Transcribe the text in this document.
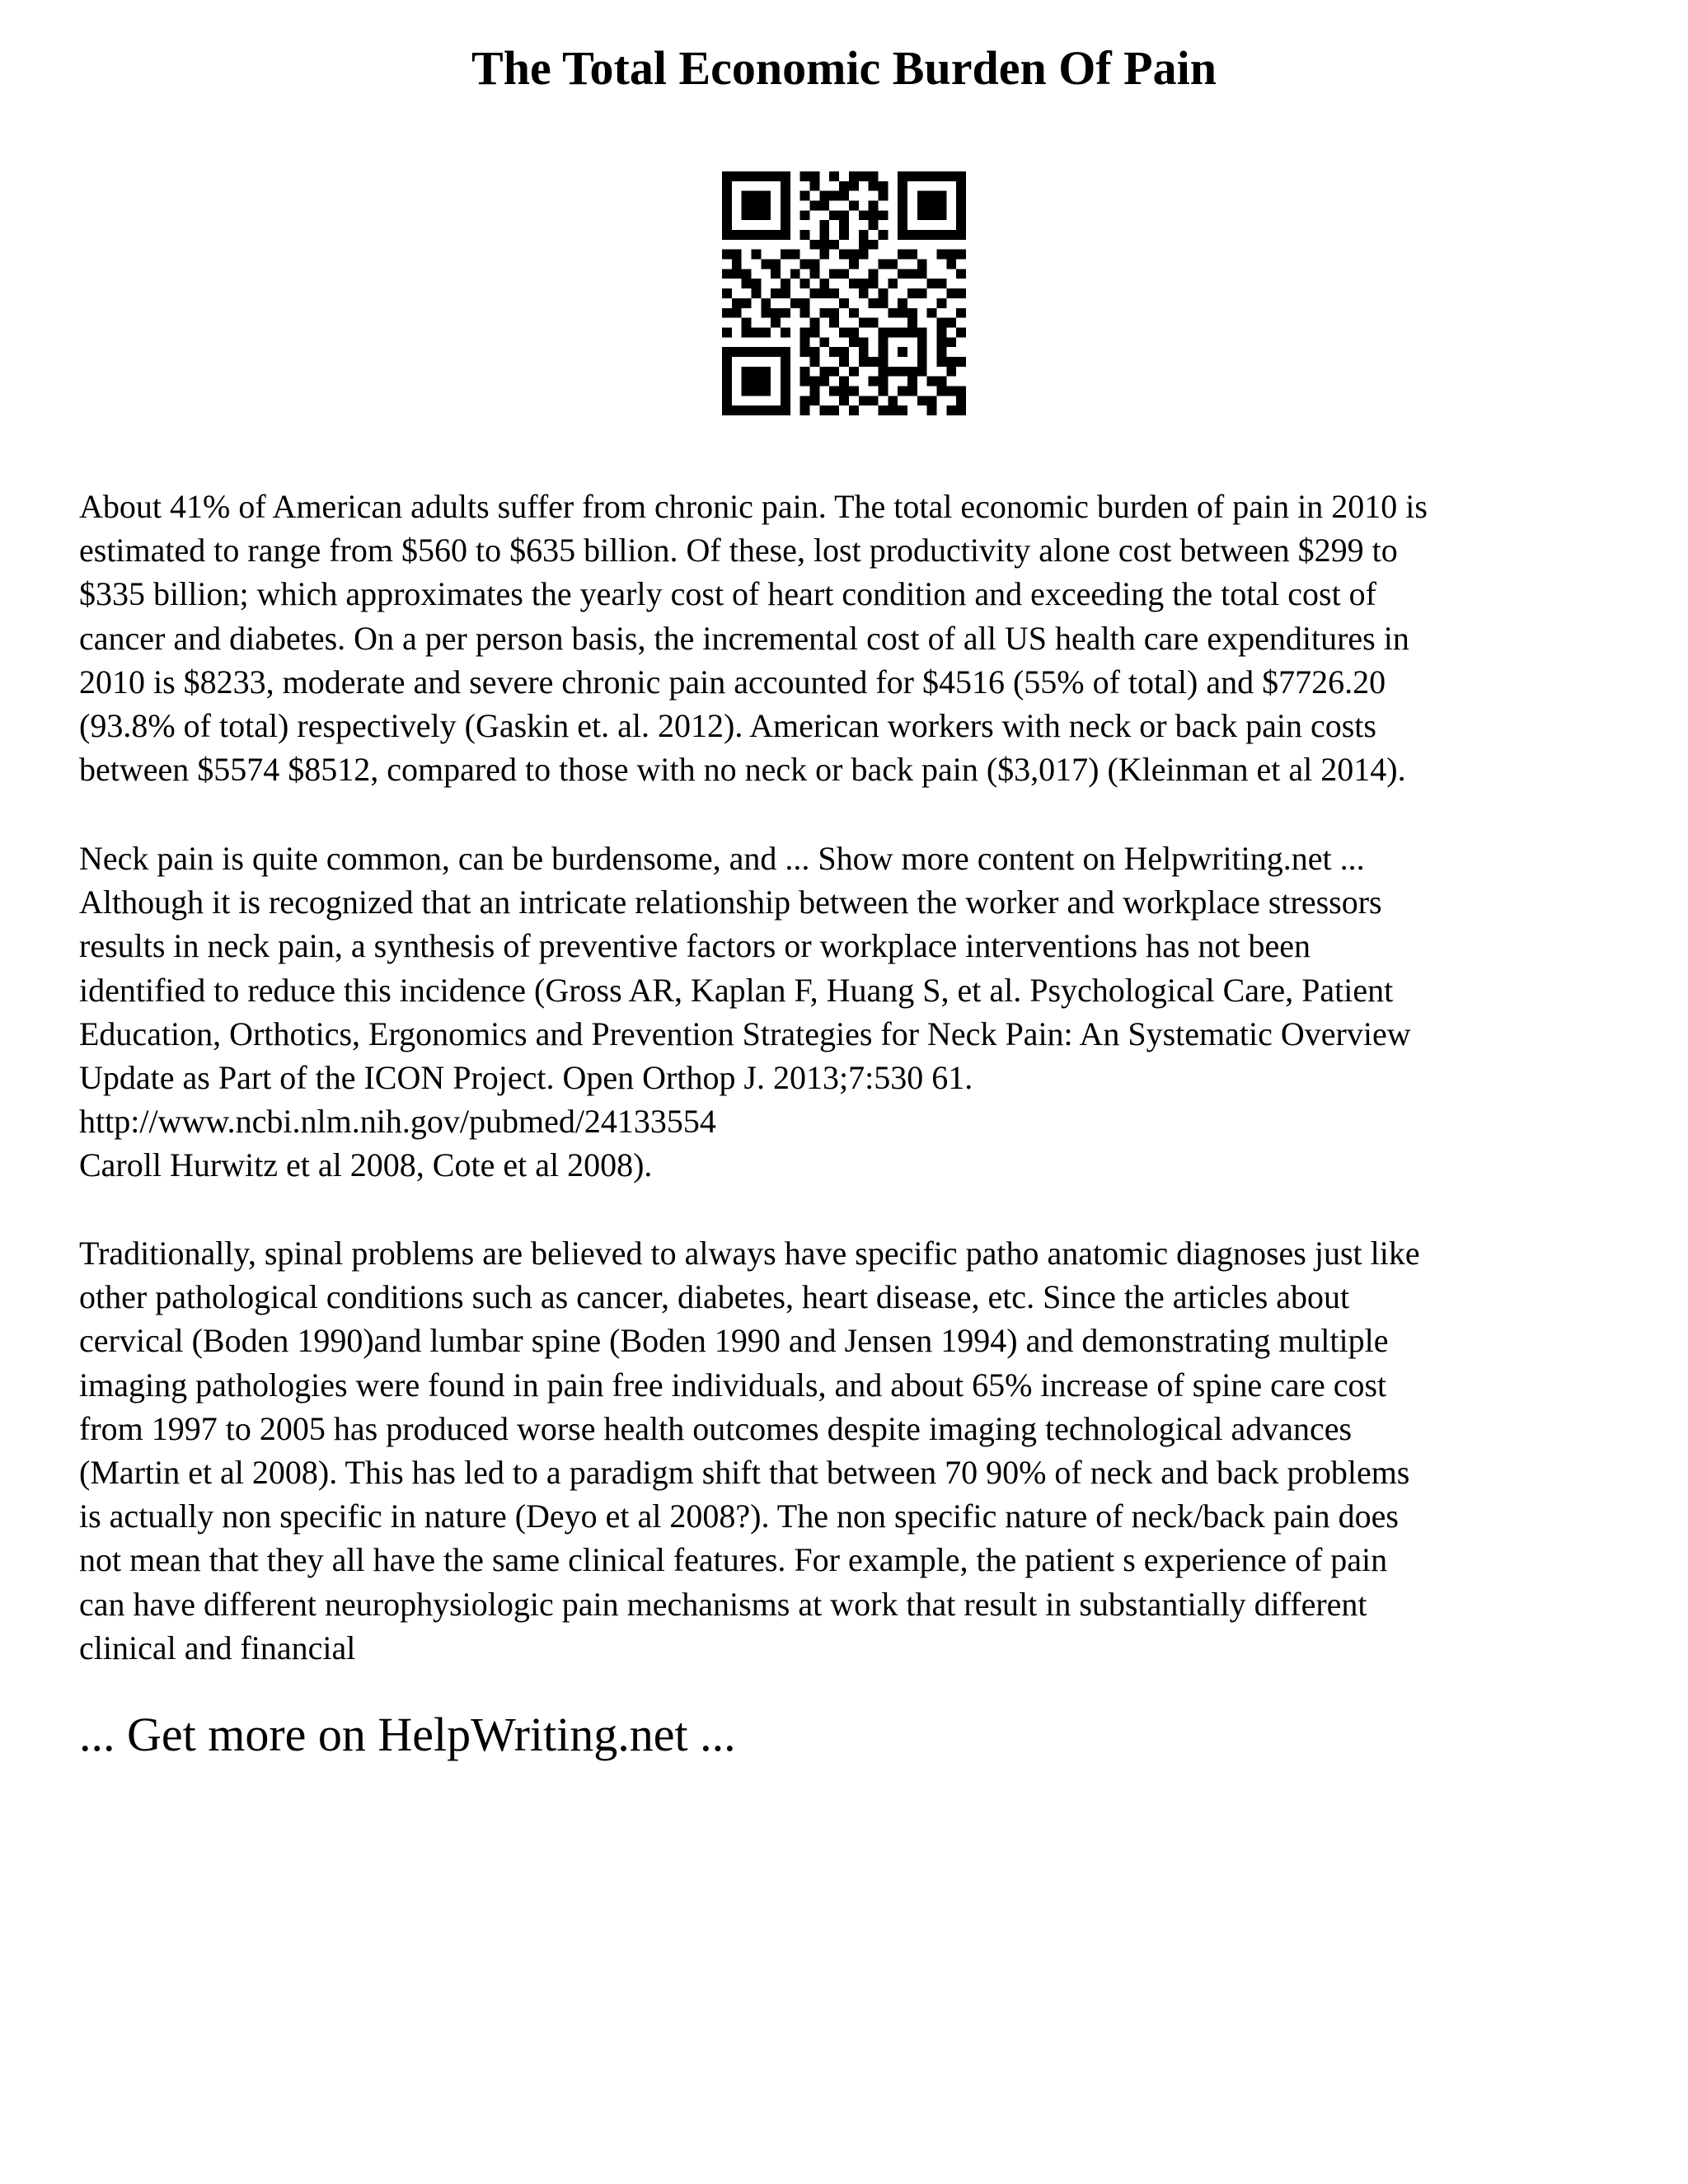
The Total Economic Burden Of Pain

About 41% of American adults suffer from chronic pain. The total economic burden of pain in 2010 is
estimated to range from $560 to $635 billion. Of these, lost productivity alone cost between $299 to
$335 billion; which approximates the yearly cost of heart condition and exceeding the total cost of
cancer and diabetes. On a per person basis, the incremental cost of all US health care expenditures in
2010 is $8233, moderate and severe chronic pain accounted for $4516 (55% of total) and $7726.20
(93.8% of total) respectively (Gaskin et. al. 2012). American workers with neck or back pain costs
between $5574 $8512, compared to those with no neck or back pain ($3,017) (Kleinman et al 2014).

Neck pain is quite common, can be burdensome, and ... Show more content on Helpwriting.net ...
Although it is recognized that an intricate relationship between the worker and workplace stressors
results in neck pain, a synthesis of preventive factors or workplace interventions has not been
identified to reduce this incidence (Gross AR, Kaplan F, Huang S, et al. Psychological Care, Patient
Education, Orthotics, Ergonomics and Prevention Strategies for Neck Pain: An Systematic Overview
Update as Part of the ICON Project. Open Orthop J. 2013;7:530 61.
http://www.ncbi.nlm.nih.gov/pubmed/24133554
Caroll Hurwitz et al 2008, Cote et al 2008).

Traditionally, spinal problems are believed to always have specific patho anatomic diagnoses just like
other pathological conditions such as cancer, diabetes, heart disease, etc. Since the articles about
cervical (Boden 1990)and lumbar spine (Boden 1990 and Jensen 1994) and demonstrating multiple
imaging pathologies were found in pain free individuals, and about 65% increase of spine care cost
from 1997 to 2005 has produced worse health outcomes despite imaging technological advances
(Martin et al 2008). This has led to a paradigm shift that between 70 90% of neck and back problems
is actually non specific in nature (Deyo et al 2008?). The non specific nature of neck/back pain does
not mean that they all have the same clinical features. For example, the patient s experience of pain
can have different neurophysiologic pain mechanisms at work that result in substantially different
clinical and financial

... Get more on HelpWriting.net ...
